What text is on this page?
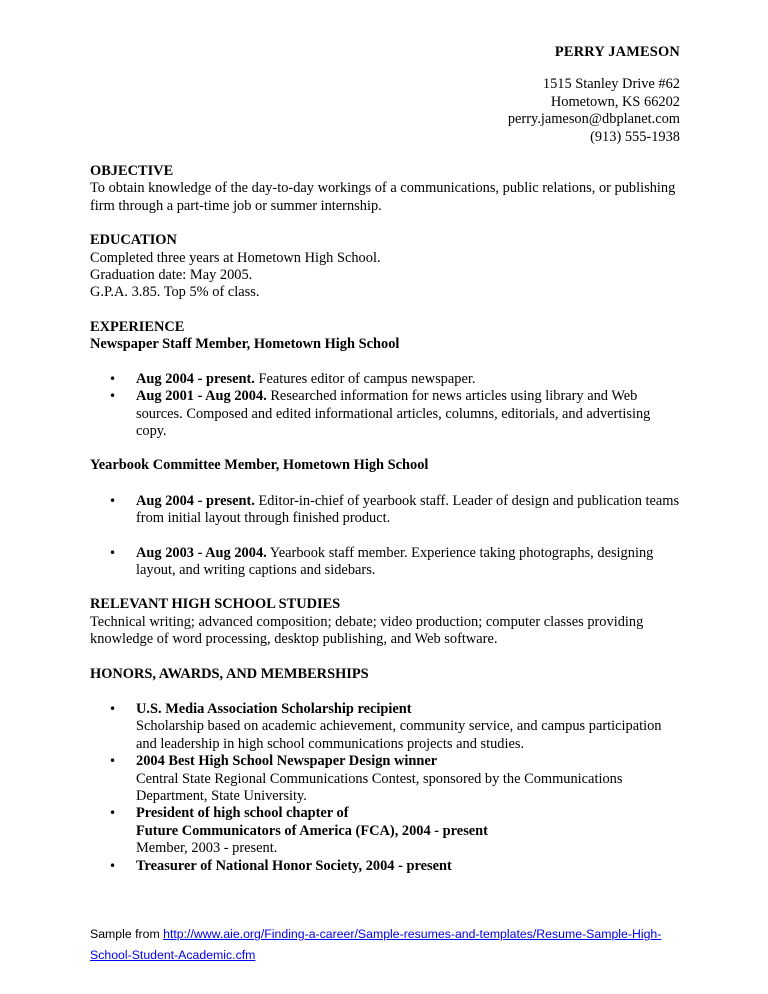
PERRY JAMESON
1515 Stanley Drive #62
Hometown, KS 66202
perry.jameson@dbplanet.com
(913) 555-1938
OBJECTIVE
To obtain knowledge of the day-to-day workings of a communications, public relations, or publishing firm through a part-time job or summer internship.
EDUCATION
Completed three years at Hometown High School.
Graduation date: May 2005.
G.P.A. 3.85. Top 5% of class.
EXPERIENCE
Newspaper Staff Member, Hometown High School
• Aug 2004 - present. Features editor of campus newspaper.
• Aug 2001 - Aug 2004. Researched information for news articles using library and Web sources. Composed and edited informational articles, columns, editorials, and advertising copy.
Yearbook Committee Member, Hometown High School
• Aug 2004 - present. Editor-in-chief of yearbook staff. Leader of design and publication teams from initial layout through finished product.
• Aug 2003 - Aug 2004. Yearbook staff member. Experience taking photographs, designing layout, and writing captions and sidebars.
RELEVANT HIGH SCHOOL STUDIES
Technical writing; advanced composition; debate; video production; computer classes providing knowledge of word processing, desktop publishing, and Web software.
HONORS, AWARDS, AND MEMBERSHIPS
• U.S. Media Association Scholarship recipient
Scholarship based on academic achievement, community service, and campus participation and leadership in high school communications projects and studies.
• 2004 Best High School Newspaper Design winner
Central State Regional Communications Contest, sponsored by the Communications Department, State University.
• President of high school chapter of
Future Communicators of America (FCA), 2004 - present
Member, 2003 - present.
• Treasurer of National Honor Society, 2004 - present
Sample from http://www.aie.org/Finding-a-career/Sample-resumes-and-templates/Resume-Sample-High-School-Student-Academic.cfm
